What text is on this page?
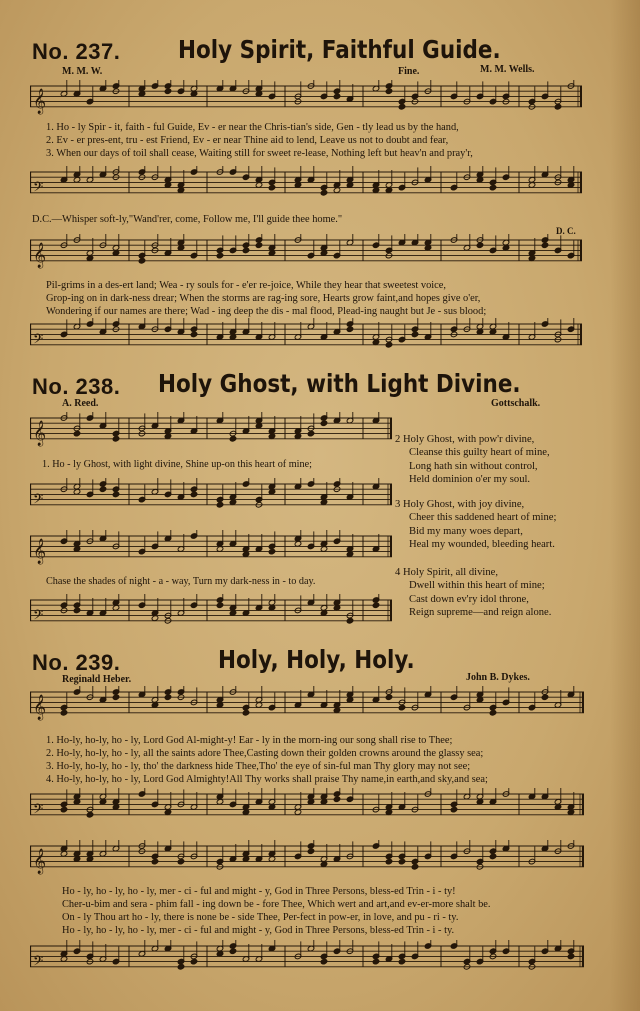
No. 237. Holy Spirit, Faithful Guide.
M. M. W.	Fine.	M. M. Wells.
𝄞
1. Ho - ly Spir - it, faith - ful Guide, Ev - er near the Chris-tian's side, Gen - tly lead us by the hand,
2. Ev - er pres-ent, tru - est Friend, Ev - er near Thine aid to lend, Leave us not to doubt and fear,
3. When our days of toil shall cease, Waiting still for sweet re-lease, Nothing left but heav'n and pray'r,
𝄢
D.C.—Whisper soft-ly,"Wand'rer, come, Follow me, I'll guide thee home."
D. C.
𝄞
Pil-grims in a des-ert land; Wea - ry souls for - e'er re-joice, While they hear that sweetest voice,
Grop-ing on in dark-ness drear; When the storms are rag-ing sore, Hearts grow faint,and hopes give o'er,
Wondering if our names are there; Wad - ing deep the dis - mal flood, Plead-ing naught but Je - sus blood;
𝄢
No. 238. Holy Ghost, with Light Divine.
A. Reed.	Gottschalk.
𝄞
1. Ho - ly Ghost, with light divine, Shine up-on this heart of mine;
𝄢
𝄞
Chase the shades of night - a - way, Turn my dark-ness in - to day.
𝄢
2 Holy Ghost, with pow'r divine,
Cleanse this guilty heart of mine,
Long hath sin without control,
Held dominion o'er my soul.
3 Holy Ghost, with joy divine,
Cheer this saddened heart of mine;
Bid my many woes depart,
Heal my wounded, bleeding heart.
4 Holy Spirit, all divine,
Dwell within this heart of mine;
Cast down ev'ry idol throne,
Reign supreme—and reign alone.
No. 239.	Holy, Holy, Holy.
Reginald Heber.	John B. Dykes.
𝄞
1. Ho-ly, ho-ly, ho - ly, Lord God Al-might-y! Ear - ly in the morn-ing our song shall rise to Thee;
2. Ho-ly, ho-ly, ho - ly, all the saints adore Thee,Casting down their golden crowns around the glassy sea;
3. Ho-ly, ho-ly, ho - ly, tho' the darkness hide Thee,Tho' the eye of sin-ful man Thy glory may not see;
4. Ho-ly, ho-ly, ho - ly, Lord God Almighty!All Thy works shall praise Thy name,in earth,and sky,and sea;
𝄢
𝄞
Ho - ly, ho - ly, ho - ly, mer - ci - ful and might - y, God in Three Persons, bless-ed Trin - i - ty!
Cher-u-bim and sera - phim fall - ing down be - fore Thee, Which wert and art,and ev-er-more shalt be.
On - ly Thou art ho - ly, there is none be - side Thee, Per-fect in pow-er, in love, and pu - ri - ty.
Ho - ly, ho - ly, ho - ly, mer - ci - ful and might - y, God in Three Persons, bless-ed Trin - i - ty.
𝄢
